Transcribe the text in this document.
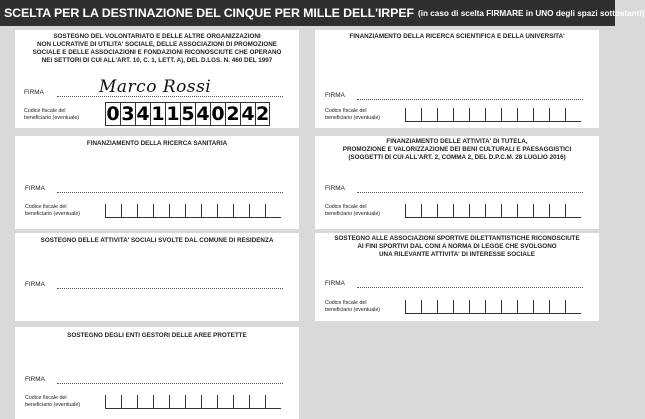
SCELTA PER LA DESTINAZIONE DEL CINQUE PER MILLE DELL'IRPEF (in caso di scelta FIRMARE in UNO degli spazi sottostanti)
SOSTEGNO DEL VOLONTARIATO E DELLE ALTRE ORGANIZZAZIONI
NON LUCRATIVE DI UTILITA' SOCIALE, DELLE ASSOCIAZIONI DI PROMOZIONE
SOCIALE E DELLE ASSOCIAZIONI E FONDAZIONI RICONOSCIUTE CHE OPERANO
NEI SETTORI DI CUI ALL'ART. 10, C. 1, LETT. A), DEL D.LGS. N. 460 DEL 1997
FIRMA	Marco Rossi
Codice fiscale del
beneficiario (eventuale) 0 3 4 1 1 5 4 0 2 4 2
FINANZIAMENTO DELLA RICERCA SCIENTIFICA E DELLA UNIVERSITA'
FIRMA
Codice fiscale del
beneficiario (eventuale)
FINANZIAMENTO DELLA RICERCA SANITARIA
FIRMA
Codice fiscale del
beneficiario (eventuale)
FINANZIAMENTO DELLE ATTIVITA' DI TUTELA,
PROMOZIONE E VALORIZZAZIONE DEI BENI CULTURALI E PAESAGGISTICI
(SOGGETTI DI CUI ALL'ART. 2, COMMA 2, DEL D.P.C.M. 28 LUGLIO 2016)
FIRMA
Codice fiscale del
beneficiario (eventuale)
SOSTEGNO DELLE ATTIVITA' SOCIALI SVOLTE DAL COMUNE DI RESIDENZA
FIRMA
SOSTEGNO ALLE ASSOCIAZIONI SPORTIVE DILETTANTISTICHE RICONOSCIUTE
AI FINI SPORTIVI DAL CONI A NORMA DI LEGGE CHE SVOLGONO
UNA RILEVANTE ATTIVITA' DI INTERESSE SOCIALE
FIRMA
Codice fiscale del
beneficiario (eventuale)
SOSTEGNO DEGLI ENTI GESTORI DELLE AREE PROTETTE
FIRMA
Codice fiscale del
beneficiario (eventuale)
